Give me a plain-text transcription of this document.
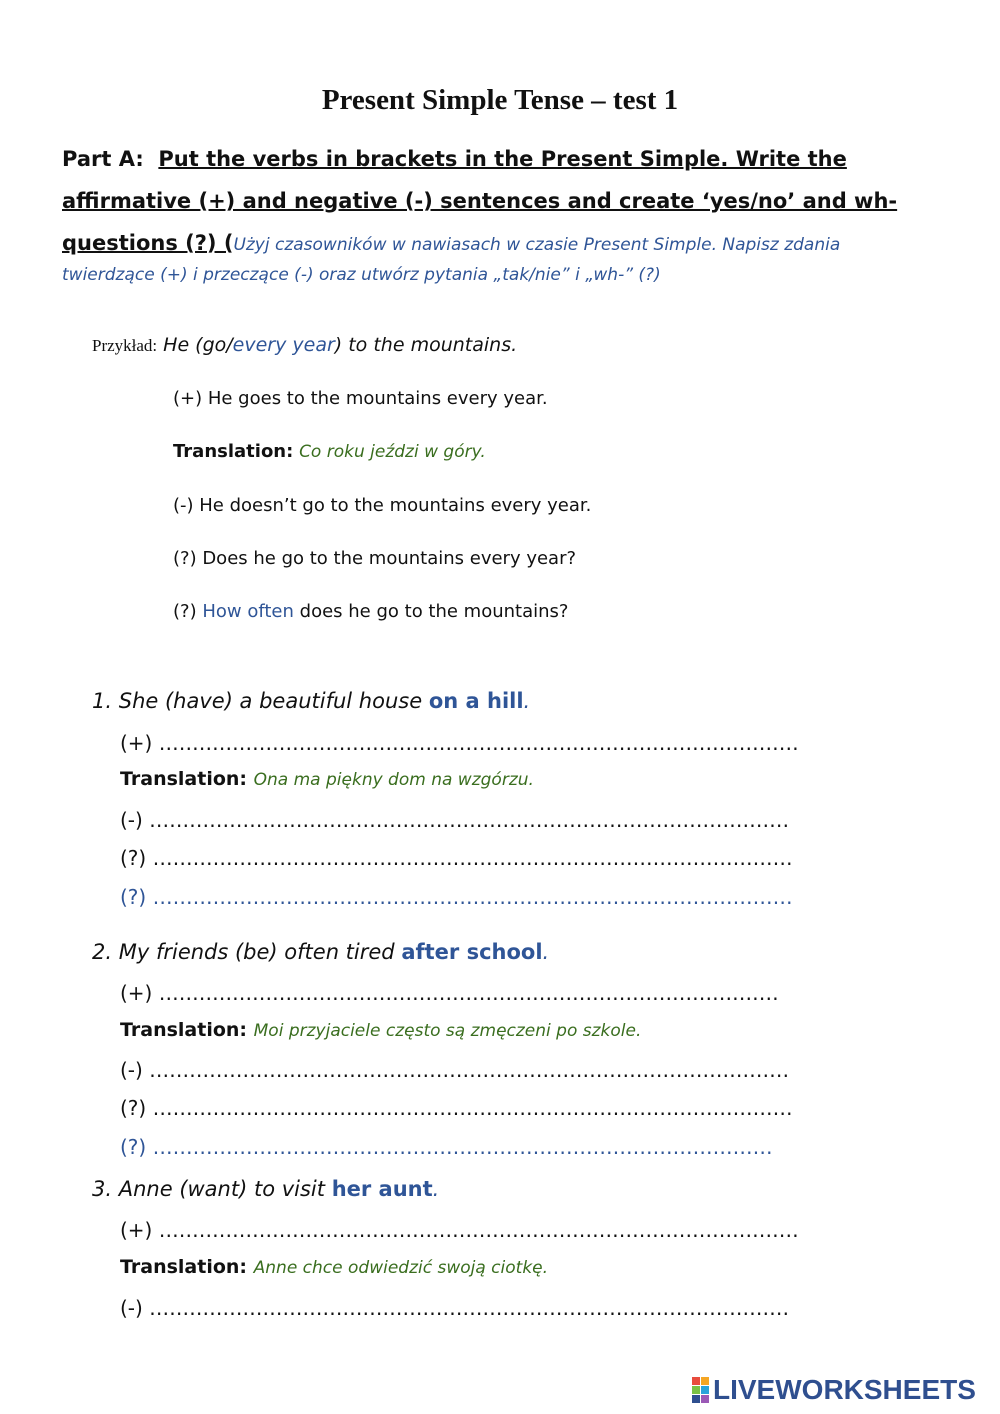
Present Simple Tense – test 1
Part A: Put the verbs in brackets in the Present Simple. Write the
affirmative (+) and negative (-) sentences and create ‘yes/no’ and wh-
questions (?) (Użyj czasowników w nawiasach w czasie Present Simple. Napisz zdania
twierdzące (+) i przeczące (-) oraz utwórz pytania „tak/nie” i „wh-” (?)
Przykład: He (go/every year) to the mountains.
(+) He goes to the mountains every year.
Translation: Co roku jeździ w góry.
(-) He doesn’t go to the mountains every year.
(?) Does he go to the mountains every year?
(?) How often does he go to the mountains?
1. She (have) a beautiful house on a hill.
(+) ……………………………………………………………………………………
Translation: Ona ma piękny dom na wzgórzu.
(-) ……………………………………………………………………………………
(?) ……………………………………………………………………………………
(?) ……………………………………………………………………………………
2. My friends (be) often tired after school.
(+) …………………………………………………………………………………
Translation: Moi przyjaciele często są zmęczeni po szkole.
(-) ……………………………………………………………………………………
(?) ……………………………………………………………………………………
(?) …………………………………………………………………………………
3. Anne (want) to visit her aunt.
(+) ……………………………………………………………………………………
Translation: Anne chce odwiedzić swoją ciotkę.
(-) ……………………………………………………………………………………
LIVEWORKSHEETS
